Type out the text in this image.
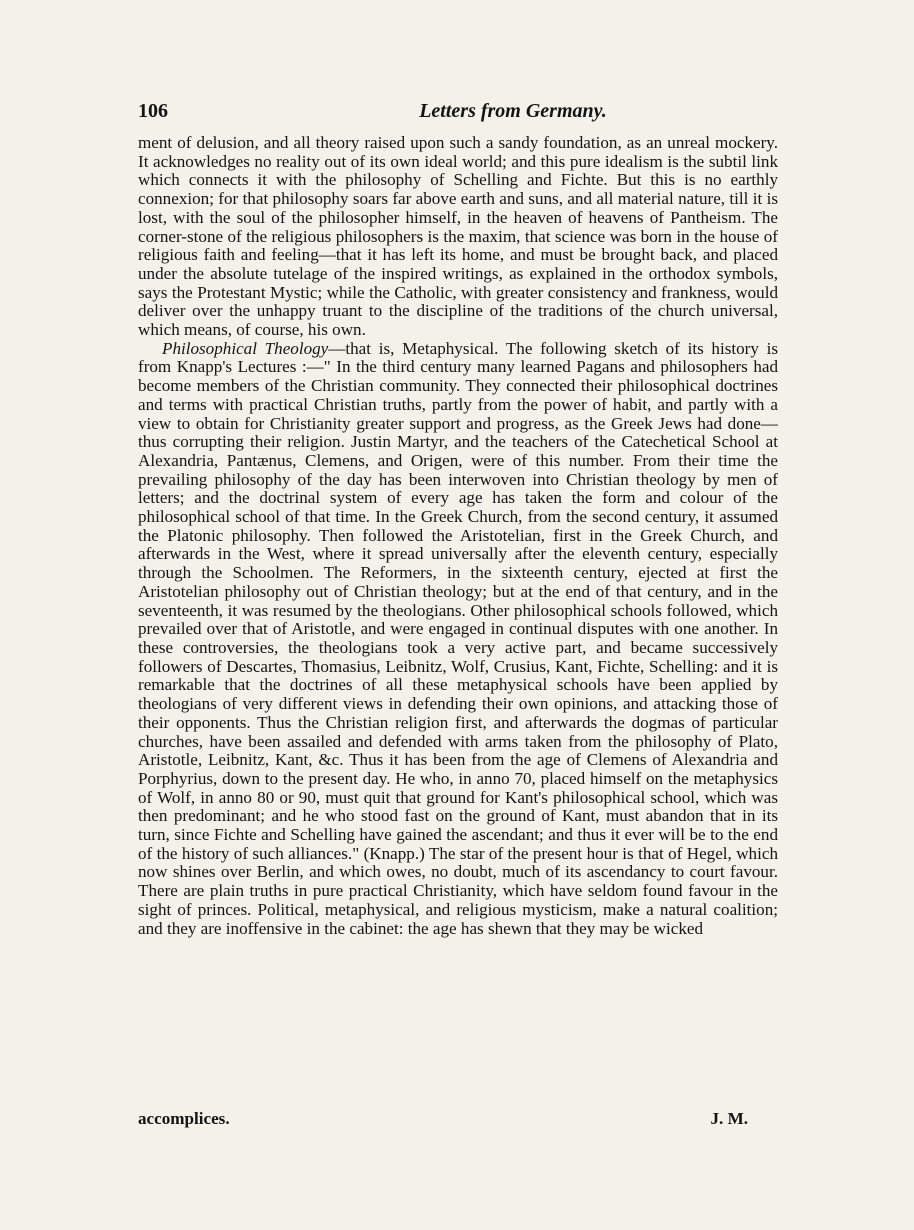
106	Letters from Germany.

ment of delusion, and all theory raised upon such a sandy foundation, as an unreal mockery. It acknowledges no reality out of its own ideal world; and this pure idealism is the subtil link which connects it with the philosophy of Schelling and Fichte. But this is no earthly connexion; for that philosophy soars far above earth and suns, and all material nature, till it is lost, with the soul of the philosopher himself, in the heaven of heavens of Pantheism. The corner-stone of the religious philosophers is the maxim, that science was born in the house of religious faith and feeling—that it has left its home, and must be brought back, and placed under the absolute tutelage of the inspired writings, as explained in the orthodox symbols, says the Protestant Mystic; while the Catholic, with greater consistency and frankness, would deliver over the unhappy truant to the discipline of the traditions of the church universal, which means, of course, his own.

Philosophical Theology—that is, Metaphysical. The following sketch of its history is from Knapp's Lectures :—" In the third century many learned Pagans and philosophers had become members of the Christian community. They connected their philosophical doctrines and terms with practical Christian truths, partly from the power of habit, and partly with a view to obtain for Christianity greater support and progress, as the Greek Jews had done—thus corrupting their religion. Justin Martyr, and the teachers of the Catechetical School at Alexandria, Pantænus, Clemens, and Origen, were of this number. From their time the prevailing philosophy of the day has been interwoven into Christian theology by men of letters; and the doctrinal system of every age has taken the form and colour of the philosophical school of that time. In the Greek Church, from the second century, it assumed the Platonic philosophy. Then followed the Aristotelian, first in the Greek Church, and afterwards in the West, where it spread universally after the eleventh century, especially through the Schoolmen. The Reformers, in the sixteenth century, ejected at first the Aristotelian philosophy out of Christian theology; but at the end of that century, and in the seventeenth, it was resumed by the theologians. Other philosophical schools followed, which prevailed over that of Aristotle, and were engaged in continual disputes with one another. In these controversies, the theologians took a very active part, and became successively followers of Descartes, Thomasius, Leibnitz, Wolf, Crusius, Kant, Fichte, Schelling: and it is remarkable that the doctrines of all these metaphysical schools have been applied by theologians of very different views in defending their own opinions, and attacking those of their opponents. Thus the Christian religion first, and afterwards the dogmas of particular churches, have been assailed and defended with arms taken from the philosophy of Plato, Aristotle, Leibnitz, Kant, &c. Thus it has been from the age of Clemens of Alexandria and Porphyrius, down to the present day. He who, in anno 70, placed himself on the metaphysics of Wolf, in anno 80 or 90, must quit that ground for Kant's philosophical school, which was then predominant; and he who stood fast on the ground of Kant, must abandon that in its turn, since Fichte and Schelling have gained the ascendant; and thus it ever will be to the end of the history of such alliances." (Knapp.) The star of the present hour is that of Hegel, which now shines over Berlin, and which owes, no doubt, much of its ascendancy to court favour. There are plain truths in pure practical Christianity, which have seldom found favour in the sight of princes. Political, metaphysical, and religious mysticism, make a natural coalition; and they are inoffensive in the cabinet: the age has shewn that they may be wicked

accomplices.	J. M.
